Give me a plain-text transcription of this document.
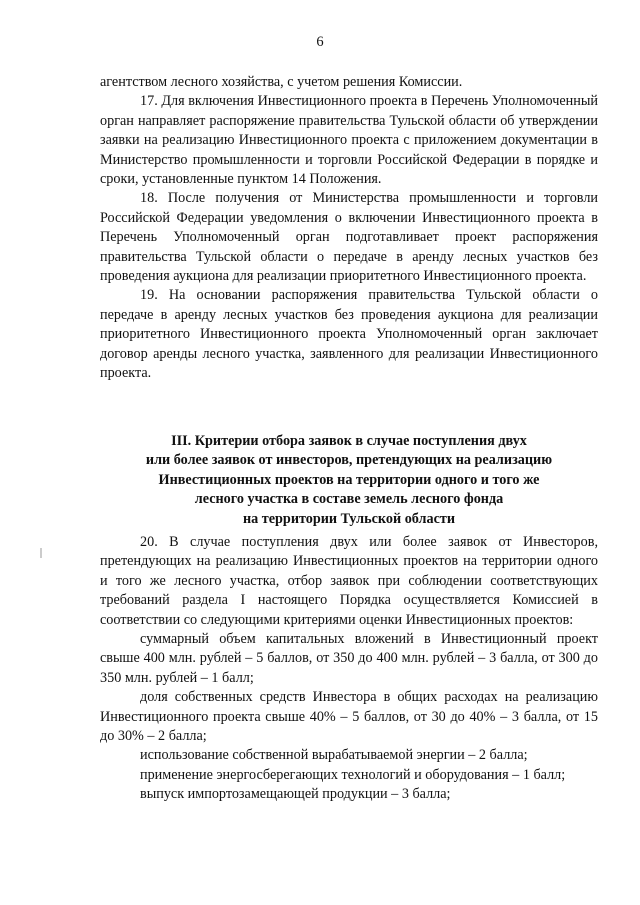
6

агентством лесного хозяйства, с учетом решения Комиссии.

17. Для включения Инвестиционного проекта в Перечень Уполномоченный орган направляет распоряжение правительства Тульской области об утверждении заявки на реализацию Инвестиционного проекта с приложением документации в Министерство промышленности и торговли Российской Федерации в порядке и сроки, установленные пунктом 14 Положения.

18. После получения от Министерства промышленности и торговли Российской Федерации уведомления о включении Инвестиционного проекта в Перечень Уполномоченный орган подготавливает проект распоряжения правительства Тульской области о передаче в аренду лесных участков без проведения аукциона для реализации приоритетного Инвестиционного проекта.

19. На основании распоряжения правительства Тульской области о передаче в аренду лесных участков без проведения аукциона для реализации приоритетного Инвестиционного проекта Уполномоченный орган заключает договор аренды лесного участка, заявленного для реализации Инвестиционного проекта.

III. Критерии отбора заявок в случае поступления двух
или более заявок от инвесторов, претендующих на реализацию
Инвестиционных проектов на территории одного и того же
лесного участка в составе земель лесного фонда
на территории Тульской области

20. В случае поступления двух или более заявок от Инвесторов, претендующих на реализацию Инвестиционных проектов на территории одного и того же лесного участка, отбор заявок при соблюдении соответствующих требований раздела I настоящего Порядка осуществляется Комиссией в соответствии со следующими критериями оценки Инвестиционных проектов:

суммарный объем капитальных вложений в Инвестиционный проект свыше 400 млн. рублей – 5 баллов, от 350 до 400 млн. рублей – 3 балла, от 300 до 350 млн. рублей – 1 балл;

доля собственных средств Инвестора в общих расходах на реализацию Инвестиционного проекта свыше 40% – 5 баллов, от 30 до 40% – 3 балла, от 15 до 30% – 2 балла;

использование собственной вырабатываемой энергии – 2 балла;

применение энергосберегающих технологий и оборудования – 1 балл;

выпуск импортозамещающей продукции – 3 балла;
